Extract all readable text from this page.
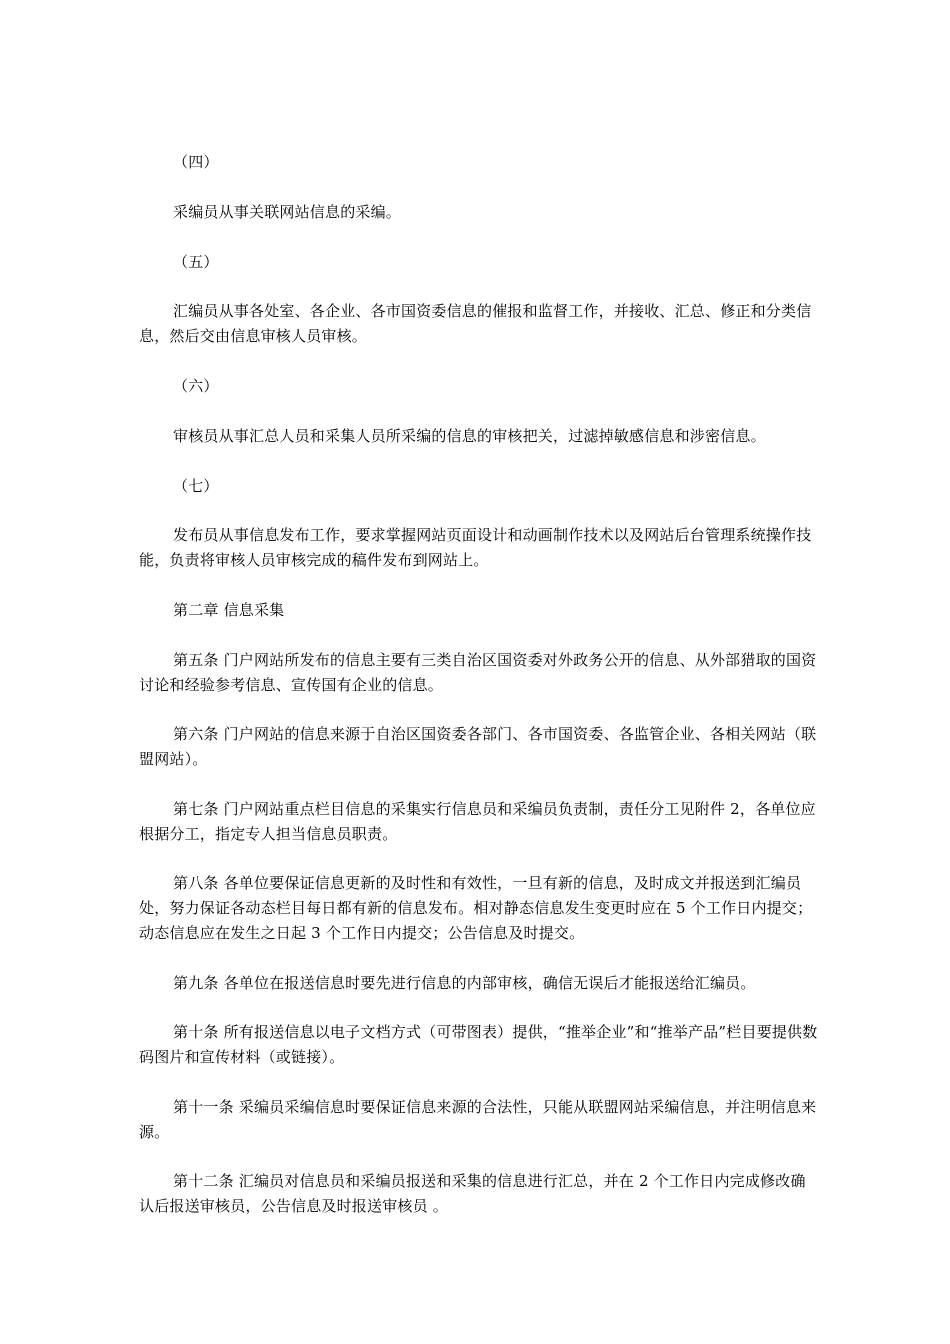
（四）

采编员从事关联网站信息的采编。

（五）

汇编员从事各处室、各企业、各市国资委信息的催报和监督工作，并接收、汇总、修正和分类信息，然后交由信息审核人员审核。

（六）

审核员从事汇总人员和采集人员所采编的信息的审核把关，过滤掉敏感信息和涉密信息。

（七）

发布员从事信息发布工作，要求掌握网站页面设计和动画制作技术以及网站后台管理系统操作技能，负责将审核人员审核完成的稿件发布到网站上。

第二章 信息采集

第五条 门户网站所发布的信息主要有三类自治区国资委对外政务公开的信息、从外部猎取的国资讨论和经验参考信息、宣传国有企业的信息。

第六条 门户网站的信息来源于自治区国资委各部门、各市国资委、各监管企业、各相关网站（联盟网站）。

第七条 门户网站重点栏目信息的采集实行信息员和采编员负责制，责任分工见附件 2，各单位应根据分工，指定专人担当信息员职责。

第八条 各单位要保证信息更新的及时性和有效性，一旦有新的信息，及时成文并报送到汇编员处，努力保证各动态栏目每日都有新的信息发布。相对静态信息发生变更时应在 5 个工作日内提交；动态信息应在发生之日起 3 个工作日内提交；公告信息及时提交。

第九条 各单位在报送信息时要先进行信息的内部审核，确信无误后才能报送给汇编员。

第十条 所有报送信息以电子文档方式（可带图表）提供，“推举企业”和“推举产品”栏目要提供数码图片和宣传材料（或链接）。

第十一条 采编员采编信息时要保证信息来源的合法性，只能从联盟网站采编信息，并注明信息来源。

第十二条 汇编员对信息员和采编员报送和采集的信息进行汇总，并在 2 个工作日内完成修改确认后报送审核员，公告信息及时报送审核员 。
